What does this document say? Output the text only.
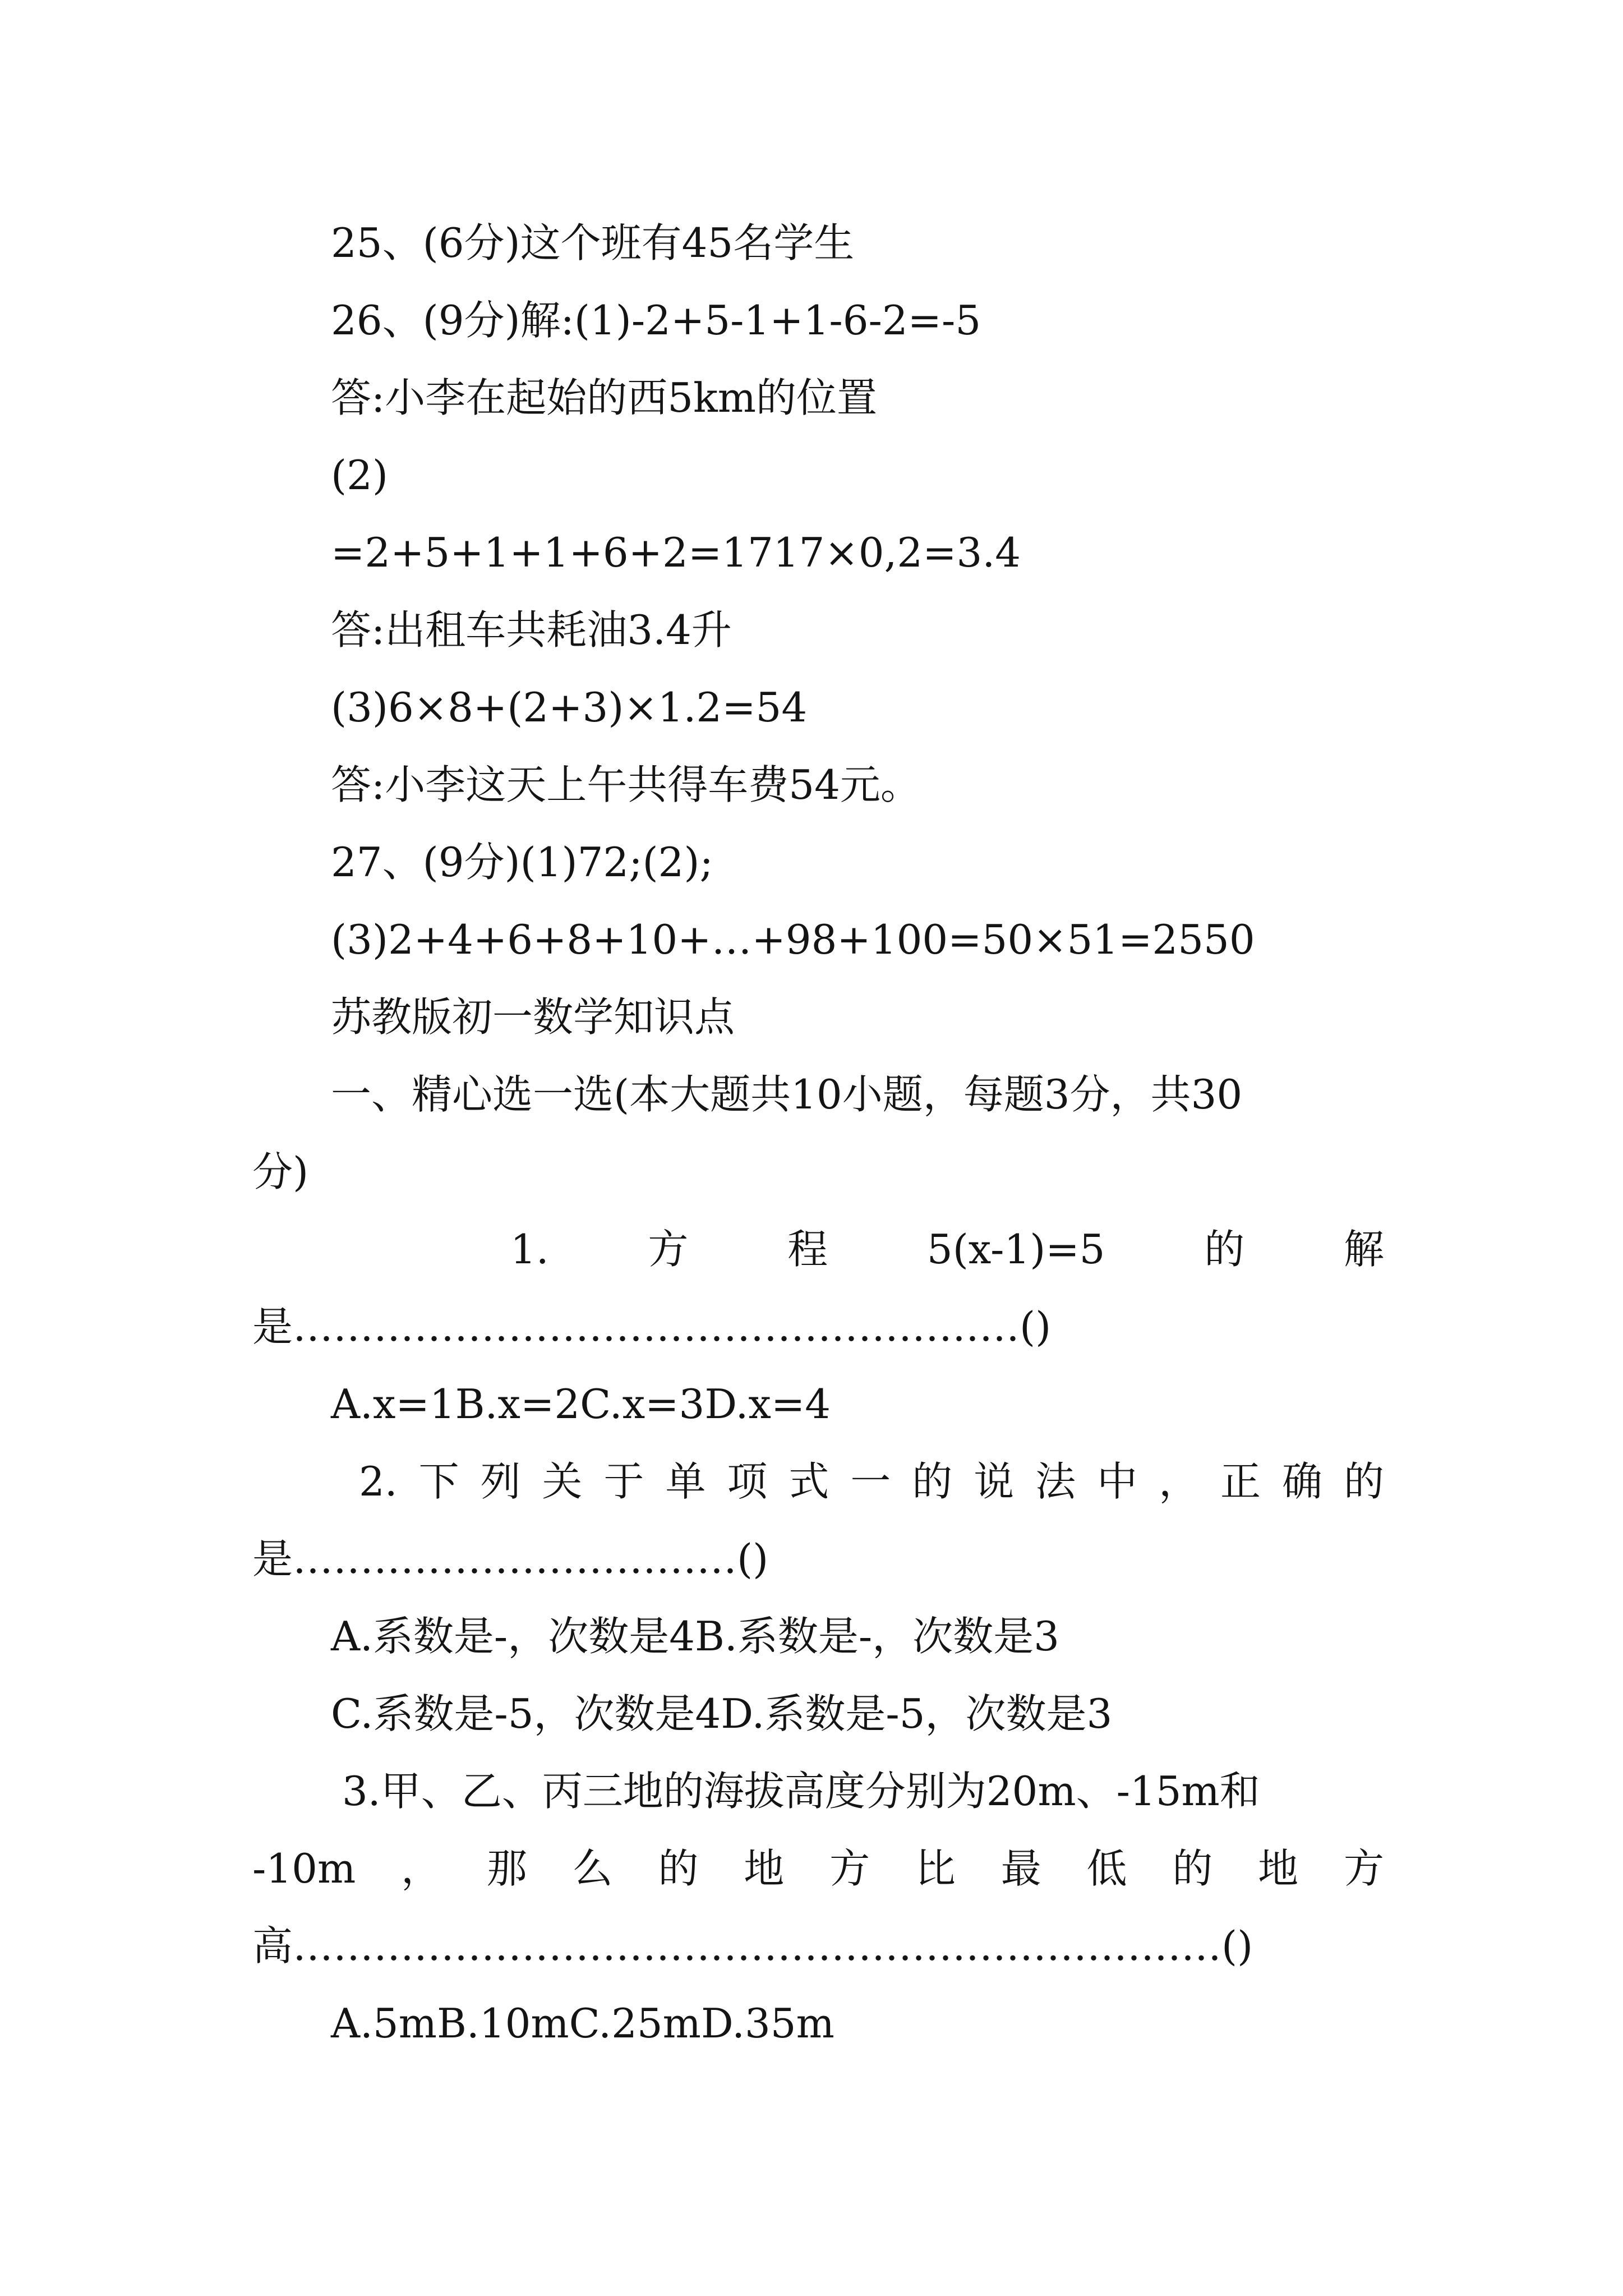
25、(6分)这个班有45名学生
26、(9分)解:(1)-2+5-1+1-6-2=-5
答:小李在起始的西5km的位置
(2)
=2+5+1+1+6+2=1717×0,2=3.4
答:出租车共耗油3.4升
(3)6×8+(2+3)×1.2=54
答:小李这天上午共得车费54元。
27、(9分)(1)72;(2);
(3)2+4+6+8+10+…+98+100=50×51=2550
苏教版初一数学知识点
一、精心选一选(本大题共10小题，每题3分，共30
分)
1. 方 程 5(x-1)=5 的 解
是………………………………………………()
A.x=1B.x=2C.x=3D.x=4
2. 下 列 关 于 单 项 式 一 的 说 法 中 ， 正 确 的
是……………………………()
A.系数是-，次数是4B.系数是-，次数是3
C.系数是-5，次数是4D.系数是-5，次数是3
3.甲、乙、丙三地的海拔高度分别为20m、-15m和
-10m ， 那 么 的 地 方 比 最 低 的 地 方
高……………………………………………………………()
A.5mB.10mC.25mD.35m
